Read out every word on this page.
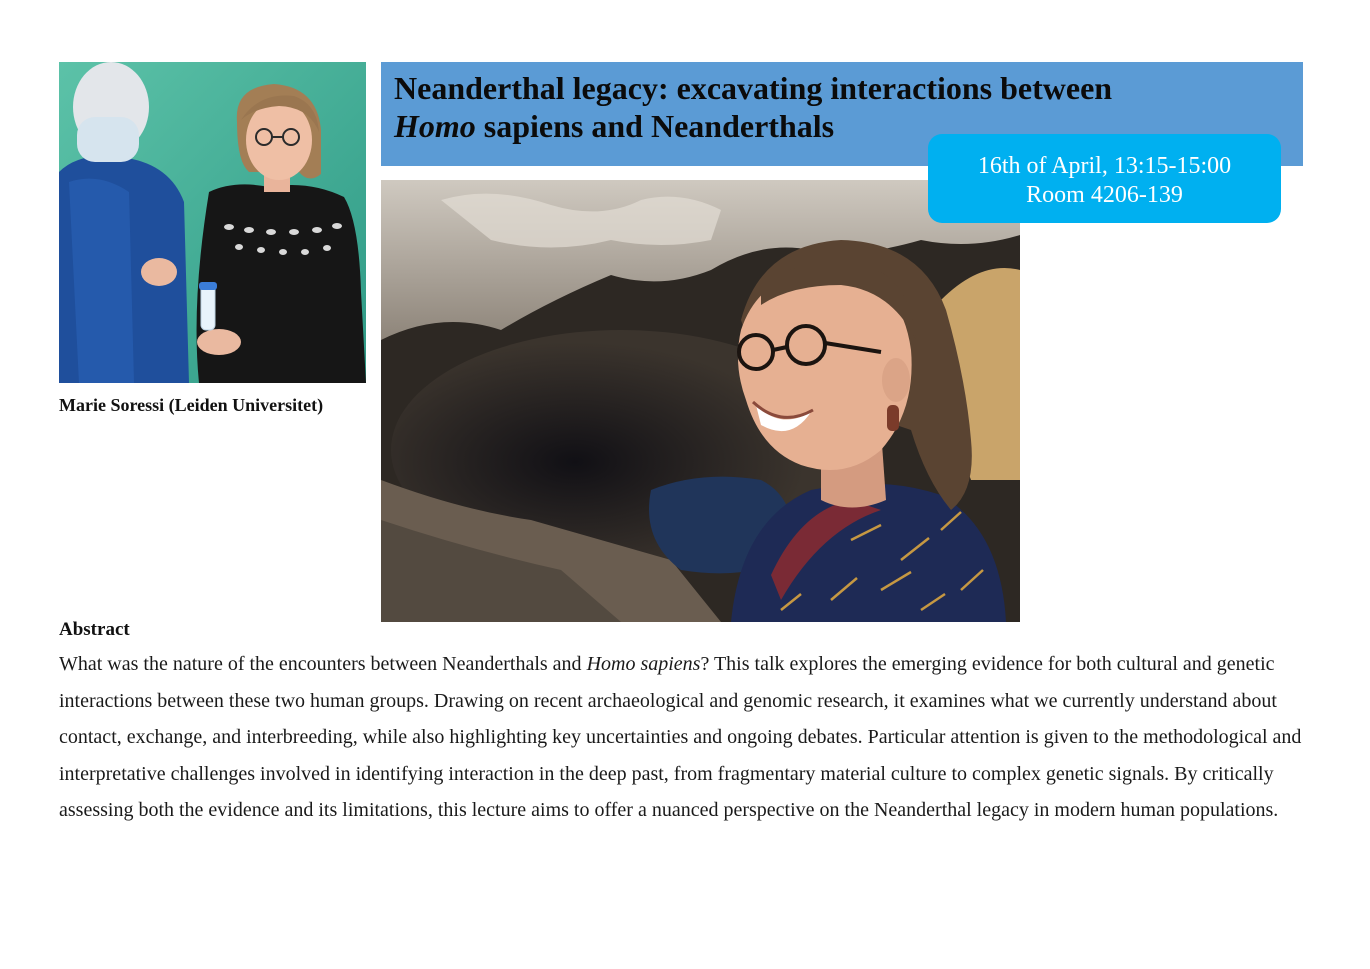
Marie Soressi (Leiden Universitet)
Neanderthal legacy: excavating interactions between
Homo sapiens and Neanderthals
16th of April, 13:15-15:00
Room 4206-139
Abstract
What was the nature of the encounters between Neanderthals and Homo sapiens? This talk explores the emerging evidence for both cultural and genetic interactions between these two human groups. Drawing on recent archaeological and genomic research, it examines what we currently understand about contact, exchange, and interbreeding, while also highlighting key uncertainties and ongoing debates. Particular attention is given to the methodological and interpretative challenges involved in identifying interaction in the deep past, from fragmentary material culture to complex genetic signals. By critically assessing both the evidence and its limitations, this lecture aims to offer a nuanced perspective on the Neanderthal legacy in modern human populations.
